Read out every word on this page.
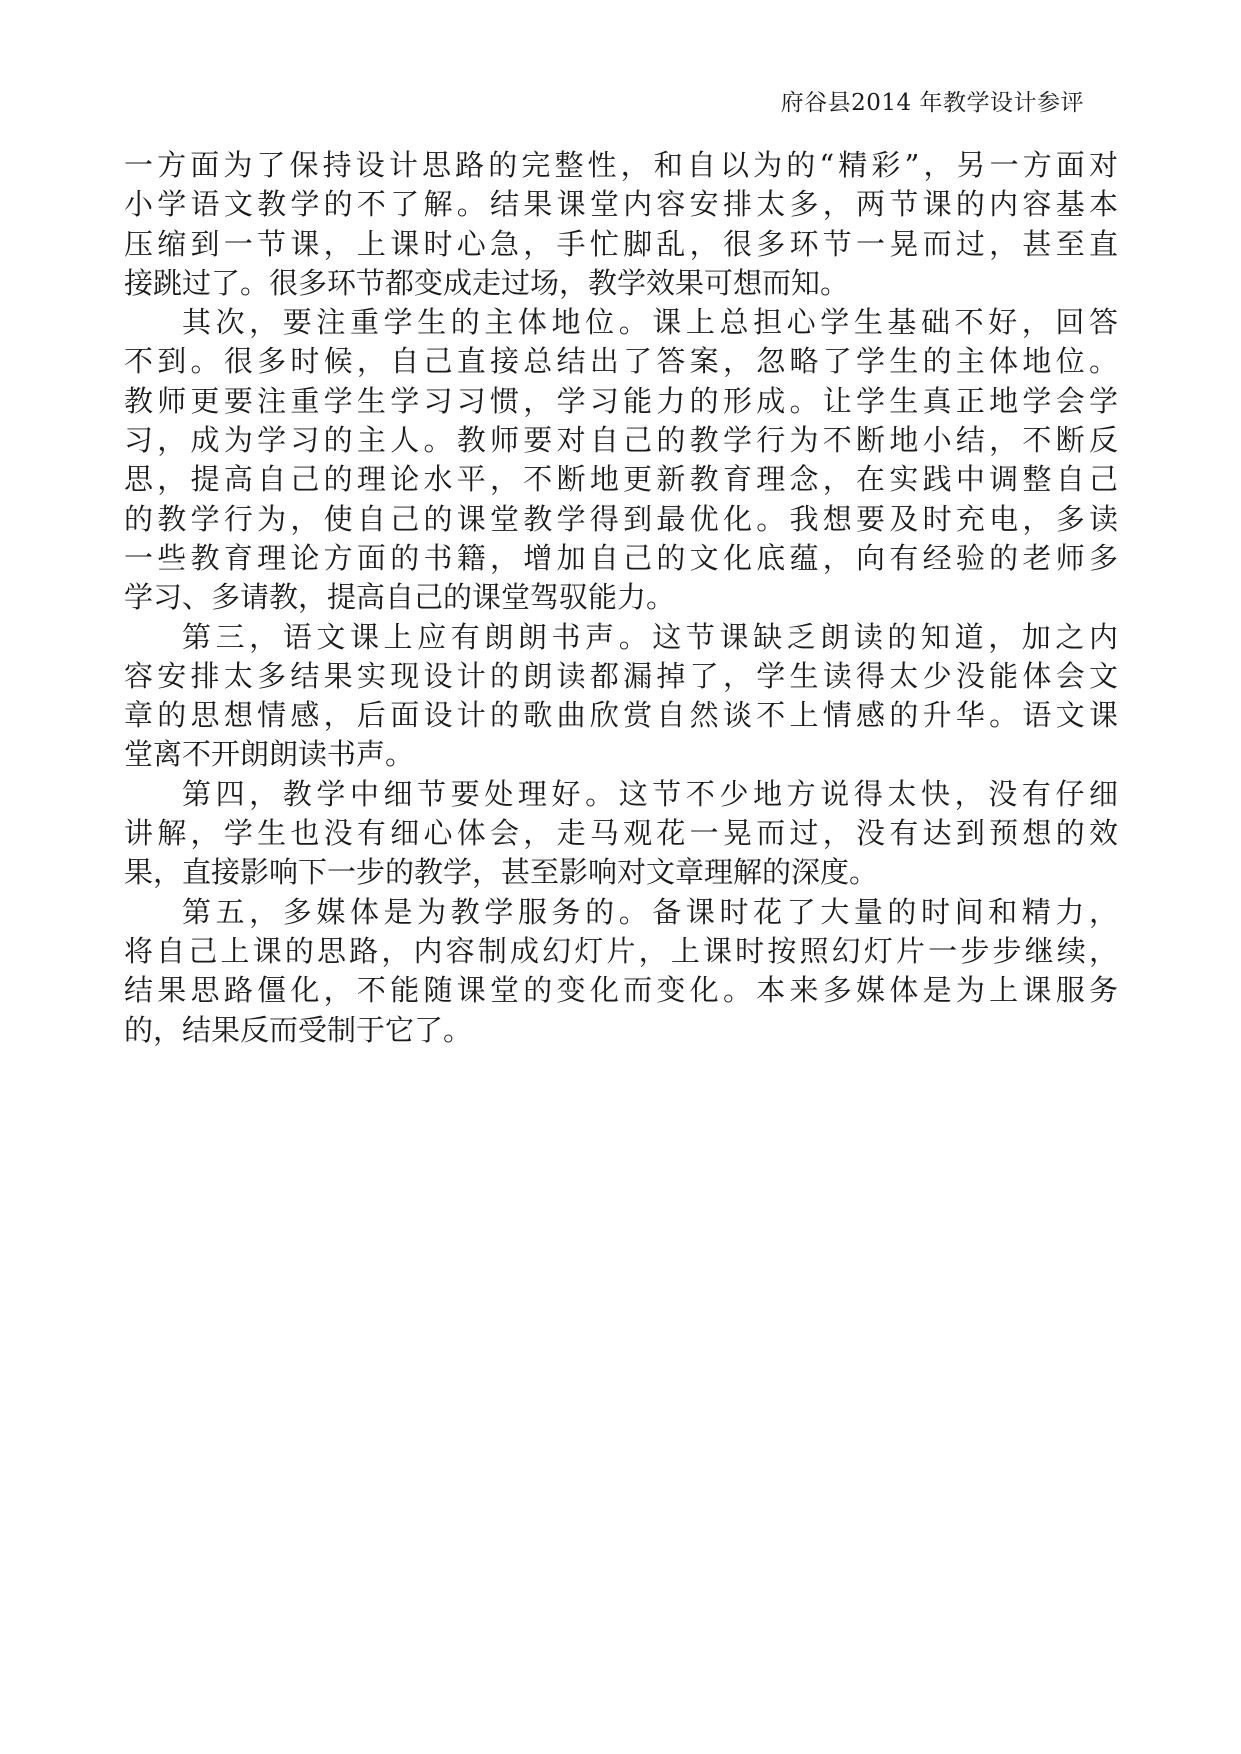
府谷县2014 年教学设计参评
一方面为了保持设计思路的完整性，和自以为的“精彩”，另一方面对
小学语文教学的不了解。结果课堂内容安排太多，两节课的内容基本
压缩到一节课，上课时心急，手忙脚乱，很多环节一晃而过，甚至直
接跳过了。很多环节都变成走过场，教学效果可想而知。
其次，要注重学生的主体地位。课上总担心学生基础不好，回答
不到。很多时候，自己直接总结出了答案，忽略了学生的主体地位。
教师更要注重学生学习习惯，学习能力的形成。让学生真正地学会学
习，成为学习的主人。教师要对自己的教学行为不断地小结，不断反
思，提高自己的理论水平，不断地更新教育理念，在实践中调整自己
的教学行为，使自己的课堂教学得到最优化。我想要及时充电，多读
一些教育理论方面的书籍，增加自己的文化底蕴，向有经验的老师多
学习、多请教，提高自己的课堂驾驭能力。
第三，语文课上应有朗朗书声。这节课缺乏朗读的知道，加之内
容安排太多结果实现设计的朗读都漏掉了，学生读得太少没能体会文
章的思想情感，后面设计的歌曲欣赏自然谈不上情感的升华。语文课
堂离不开朗朗读书声。
第四，教学中细节要处理好。这节不少地方说得太快，没有仔细
讲解，学生也没有细心体会，走马观花一晃而过，没有达到预想的效
果，直接影响下一步的教学，甚至影响对文章理解的深度。
第五，多媒体是为教学服务的。备课时花了大量的时间和精力，
将自己上课的思路，内容制成幻灯片，上课时按照幻灯片一步步继续，
结果思路僵化，不能随课堂的变化而变化。本来多媒体是为上课服务
的，结果反而受制于它了。
